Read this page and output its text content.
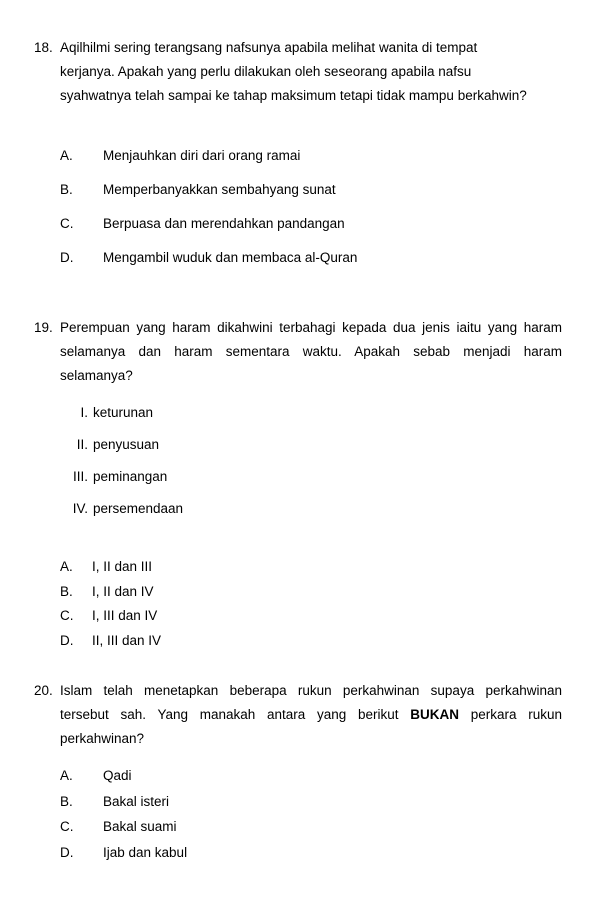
18. Aqilhilmi sering terangsang nafsunya apabila melihat wanita di tempat
kerjanya. Apakah yang perlu dilakukan oleh seseorang apabila nafsu
syahwatnya telah sampai ke tahap maksimum tetapi tidak mampu berkahwin?
A. Menjauhkan diri dari orang ramai
B. Memperbanyakkan sembahyang sunat
C. Berpuasa dan merendahkan pandangan
D. Mengambil wuduk dan membaca al-Quran
19. Perempuan yang haram dikahwini terbahagi kepada dua jenis iaitu yang haram selamanya dan haram sementara waktu. Apakah sebab menjadi haram selamanya?
I. keturunan
II. penyusuan
III. peminangan
IV. persemendaan
A. I, II dan III
B. I, II dan IV
C. I, III dan IV
D. II, III dan IV
20. Islam telah menetapkan beberapa rukun perkahwinan supaya perkahwinan tersebut sah. Yang manakah antara yang berikut BUKAN perkara rukun perkahwinan?
A. Qadi
B. Bakal isteri
C. Bakal suami
D. Ijab dan kabul
